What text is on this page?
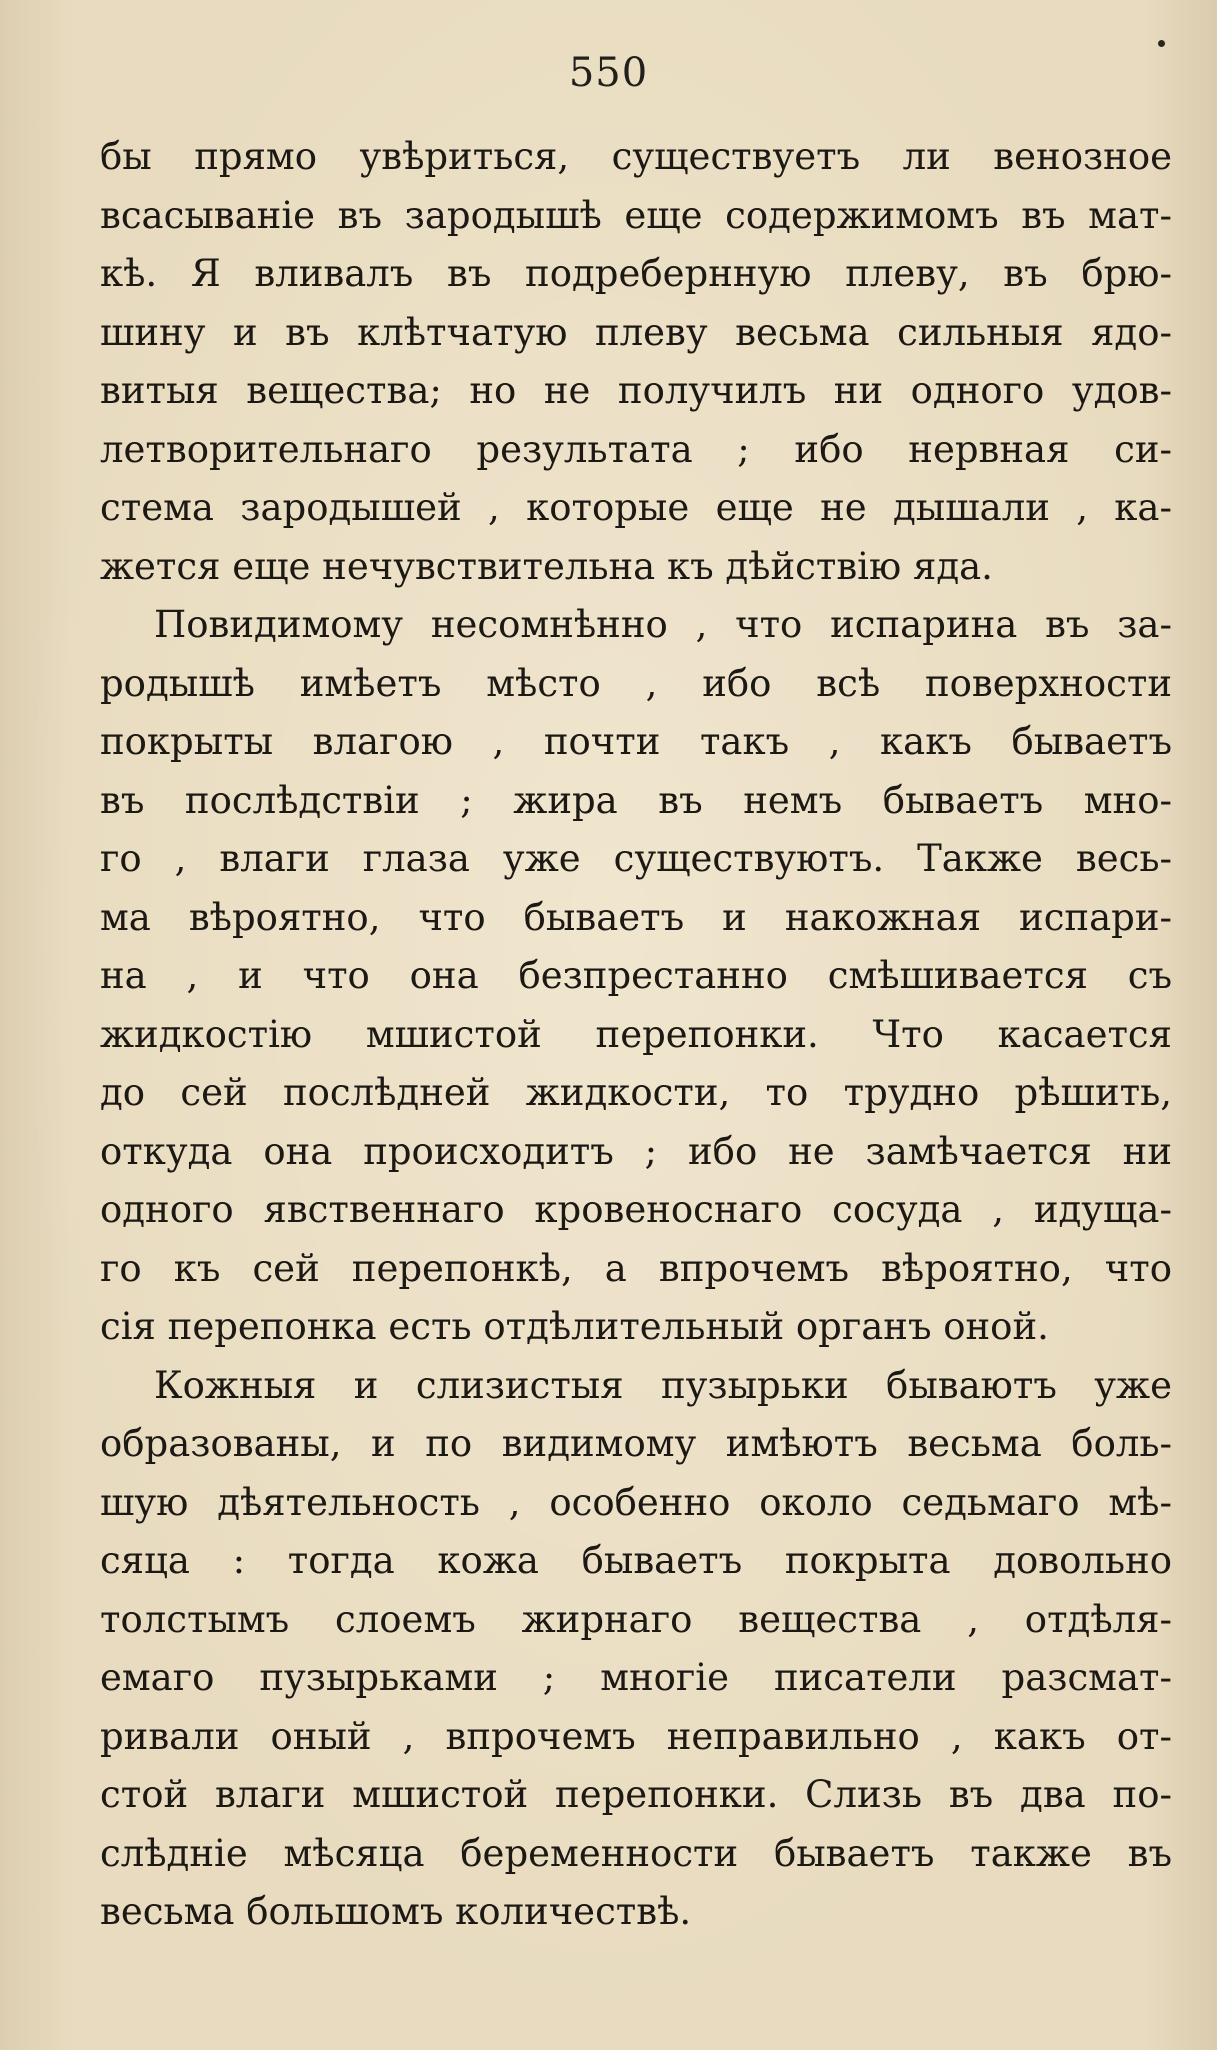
550
бы прямо увѣриться, существуетъ ли венозное
всасываніе въ зародышѣ еще содержимомъ въ мат-
кѣ. Я вливалъ въ подребернную плеву, въ брю-
шину и въ клѣтчатую плеву весьма сильныя ядо-
витыя вещества; но не получилъ ни одного удов-
летворительнаго результата ; ибо нервная си-
стема зародышей , которые еще не дышали , ка-
жется еще нечувствительна къ дѣйствію яда.
Повидимому несомнѣнно , что испарина въ за-
родышѣ имѣетъ мѣсто , ибо всѣ поверхности
покрыты влагою , почти такъ , какъ бываетъ
въ послѣдствіи ; жира въ немъ бываетъ мно-
го , влаги глаза уже существуютъ. Также весь-
ма вѣроятно, что бываетъ и накожная испари-
на , и что она безпрестанно смѣшивается съ
жидкостію мшистой перепонки. Что касается
до сей послѣдней жидкости, то трудно рѣшить,
откуда она происходитъ ; ибо не замѣчается ни
одного явственнаго кровеноснаго сосуда , идуща-
го къ сей перепонкѣ, а впрочемъ вѣроятно, что
сія перепонка есть отдѣлительный органъ оной.
Кожныя и слизистыя пузырьки бываютъ уже
образованы, и по видимому имѣютъ весьма боль-
шую дѣятельность , особенно около седьмаго мѣ-
сяца : тогда кожа бываетъ покрыта довольно
толстымъ слоемъ жирнаго вещества , отдѣля-
емаго пузырьками ; многіе писатели разсмат-
ривали оный , впрочемъ неправильно , какъ от-
стой влаги мшистой перепонки. Слизь въ два по-
слѣдніе мѣсяца беременности бываетъ также въ
весьма большомъ количествѣ.
